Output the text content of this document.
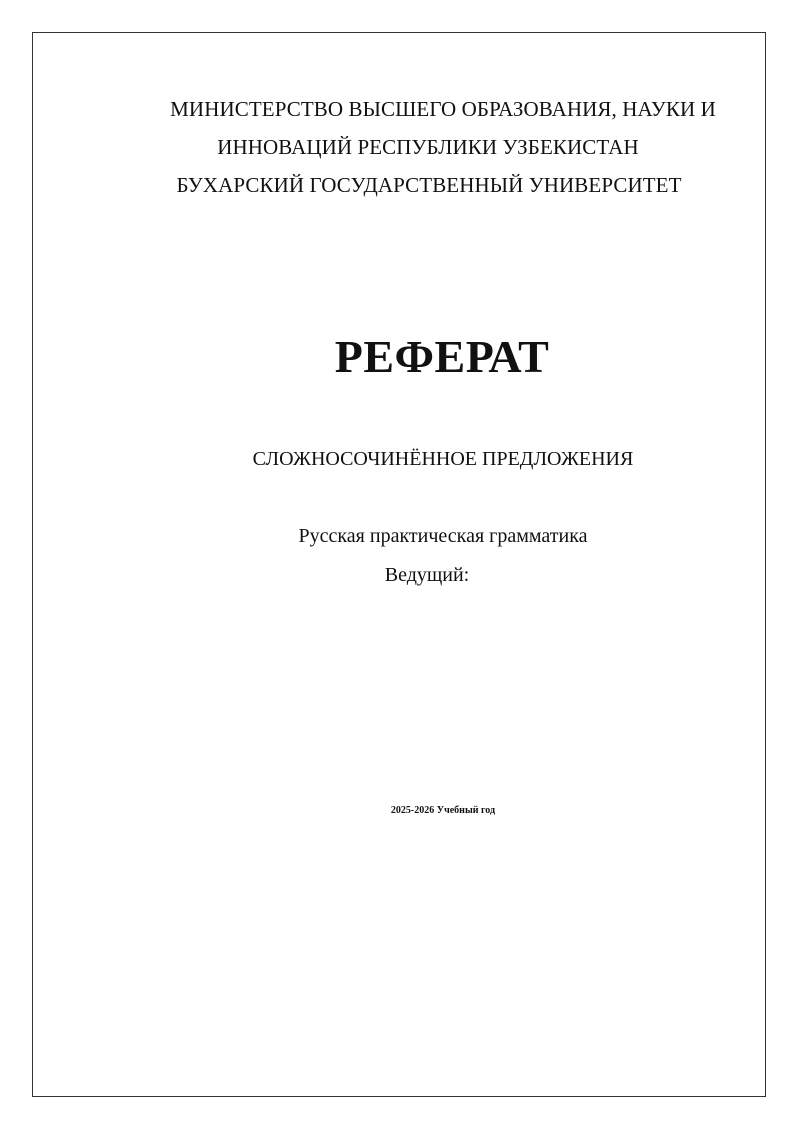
МИНИСТЕРСТВО ВЫСШЕГО ОБРАЗОВАНИЯ, НАУКИ И
ИННОВАЦИЙ РЕСПУБЛИКИ УЗБЕКИСТАН
БУХАРСКИЙ ГОСУДАРСТВЕННЫЙ УНИВЕРСИТЕТ
РЕФЕРАТ
СЛОЖНОСОЧИНЁННОЕ ПРЕДЛОЖЕНИЯ
Русская практическая грамматика
Ведущий:
2025-2026 Учебный год
